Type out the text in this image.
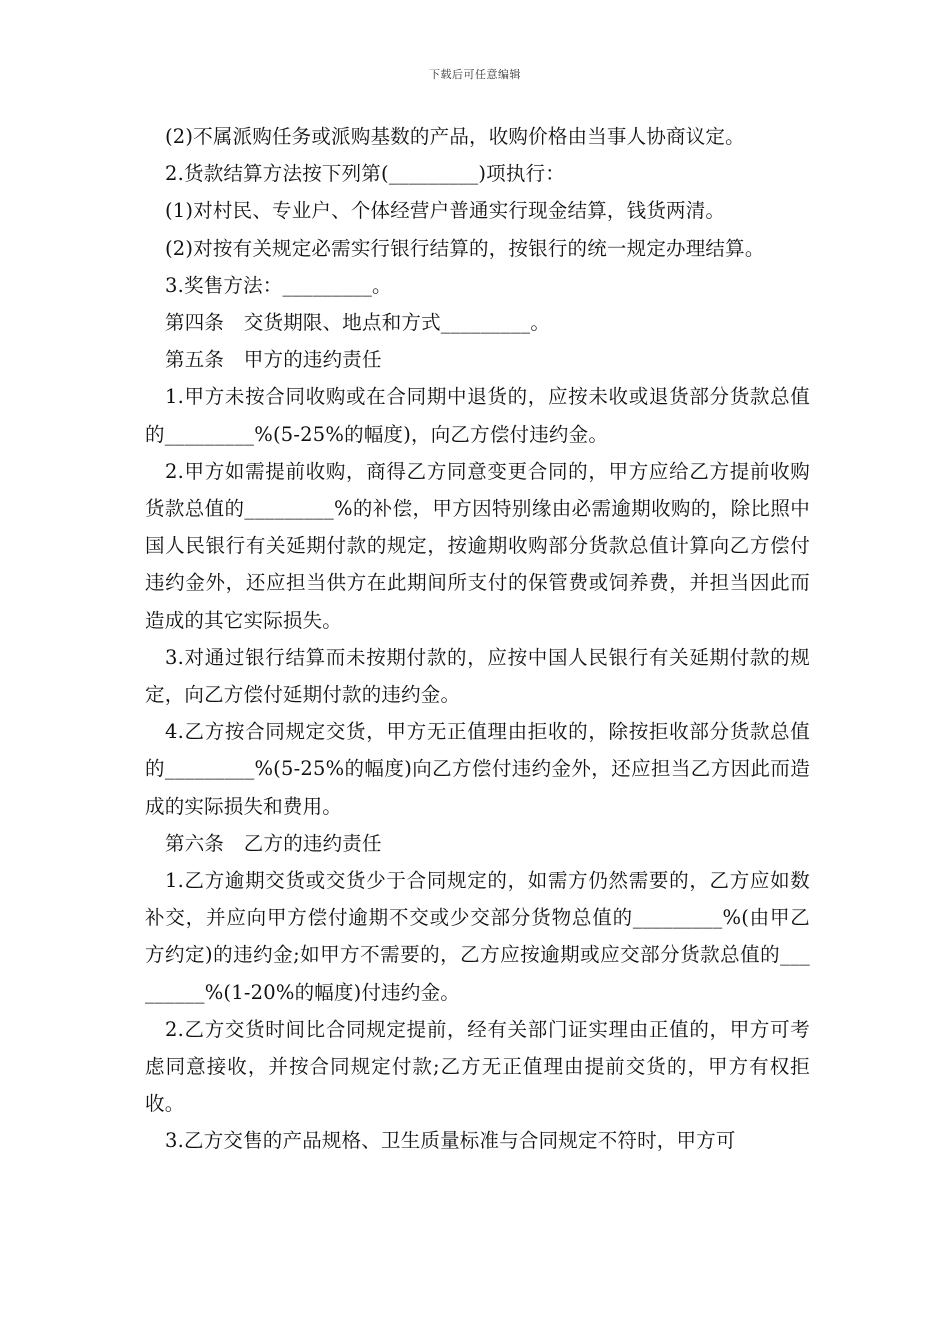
下载后可任意编辑

(2)不属派购任务或派购基数的产品，收购价格由当事人协商议定。

2.货款结算方法按下列第(_________)项执行：

(1)对村民、专业户、个体经营户普通实行现金结算，钱货两清。

(2)对按有关规定必需实行银行结算的，按银行的统一规定办理结算。

3.奖售方法：_________。

第四条　交货期限、地点和方式_________。

第五条　甲方的违约责任

1.甲方未按合同收购或在合同期中退货的，应按未收或退货部分货款总值的_________%(5-25%的幅度)，向乙方偿付违约金。

2.甲方如需提前收购，商得乙方同意变更合同的，甲方应给乙方提前收购货款总值的_________%的补偿，甲方因特别缘由必需逾期收购的，除比照中国人民银行有关延期付款的规定，按逾期收购部分货款总值计算向乙方偿付违约金外，还应担当供方在此期间所支付的保管费或饲养费，并担当因此而造成的其它实际损失。

3.对通过银行结算而未按期付款的，应按中国人民银行有关延期付款的规定，向乙方偿付延期付款的违约金。

4.乙方按合同规定交货，甲方无正值理由拒收的，除按拒收部分货款总值的_________%(5-25%的幅度)向乙方偿付违约金外，还应担当乙方因此而造成的实际损失和费用。

第六条　乙方的违约责任

1.乙方逾期交货或交货少于合同规定的，如需方仍然需要的，乙方应如数补交，并应向甲方偿付逾期不交或少交部分货物总值的_________%(由甲乙方约定)的违约金;如甲方不需要的，乙方应按逾期或应交部分货款总值的_________%(1-20%的幅度)付违约金。

2.乙方交货时间比合同规定提前，经有关部门证实理由正值的，甲方可考虑同意接收，并按合同规定付款;乙方无正值理由提前交货的，甲方有权拒收。

3.乙方交售的产品规格、卫生质量标准与合同规定不符时，甲方可
